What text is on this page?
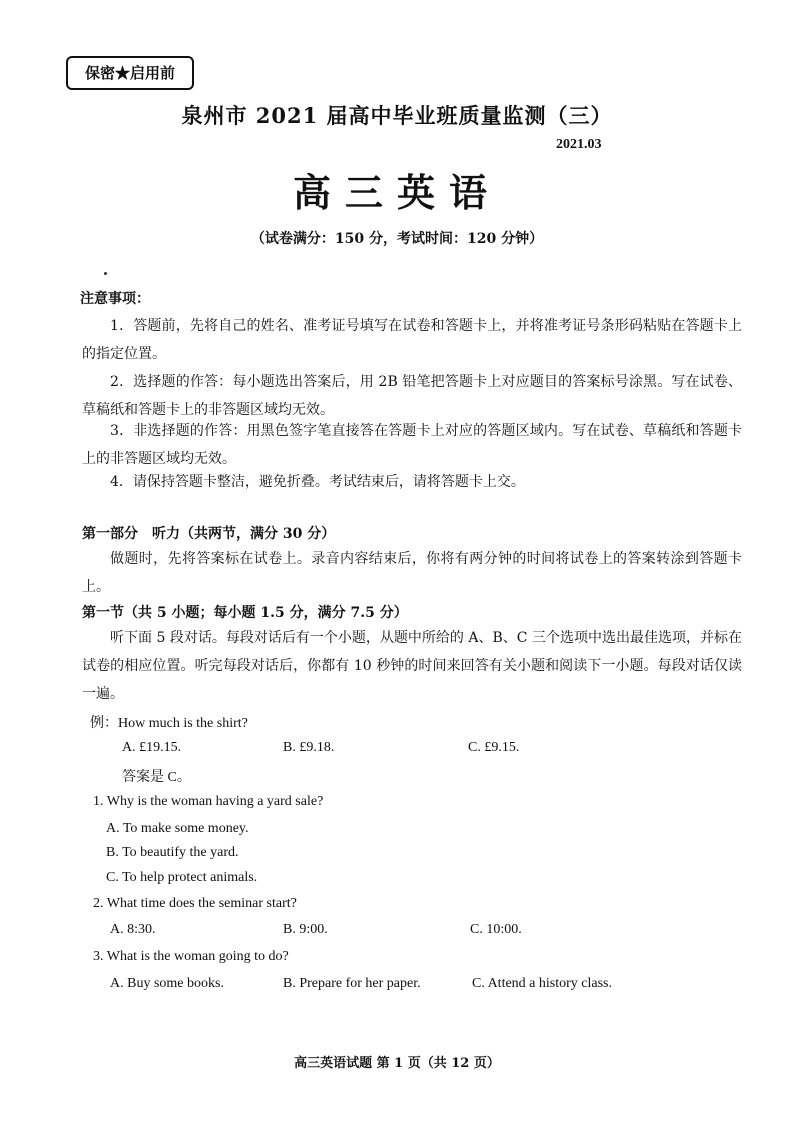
保密★启用前
泉州市 2021 届高中毕业班质量监测（三）
2021.03
高三英语
（试卷满分：150 分，考试时间：120 分钟）
注意事项：
1．答题前，先将自己的姓名、准考证号填写在试卷和答题卡上，并将准考证号条形码粘贴在答题卡上的指定位置。
2．选择题的作答：每小题选出答案后，用 2B 铅笔把答题卡上对应题目的答案标号涂黑。写在试卷、草稿纸和答题卡上的非答题区域均无效。
3．非选择题的作答：用黑色签字笔直接答在答题卡上对应的答题区域内。写在试卷、草稿纸和答题卡上的非答题区域均无效。
4．请保持答题卡整洁，避免折叠。考试结束后，请将答题卡上交。
第一部分　听力（共两节，满分 30 分）
做题时，先将答案标在试卷上。录音内容结束后，你将有两分钟的时间将试卷上的答案转涂到答题卡上。
第一节（共 5 小题；每小题 1.5 分，满分 7.5 分）
听下面 5 段对话。每段对话后有一个小题，从题中所给的 A、B、C 三个选项中选出最佳选项，并标在试卷的相应位置。听完每段对话后，你都有 10 秒钟的时间来回答有关小题和阅读下一小题。每段对话仅读一遍。
例：How much is the shirt?
A. £19.15.	B. £9.18.	C. £9.15.
答案是 C。
1. Why is the woman having a yard sale?
A. To make some money.
B. To beautify the yard.
C. To help protect animals.
2. What time does the seminar start?
A. 8:30.	B. 9:00.	C. 10:00.
3. What is the woman going to do?
A. Buy some books.	B. Prepare for her paper.	C. Attend a history class.
高三英语试题 第 1 页（共 12 页）
